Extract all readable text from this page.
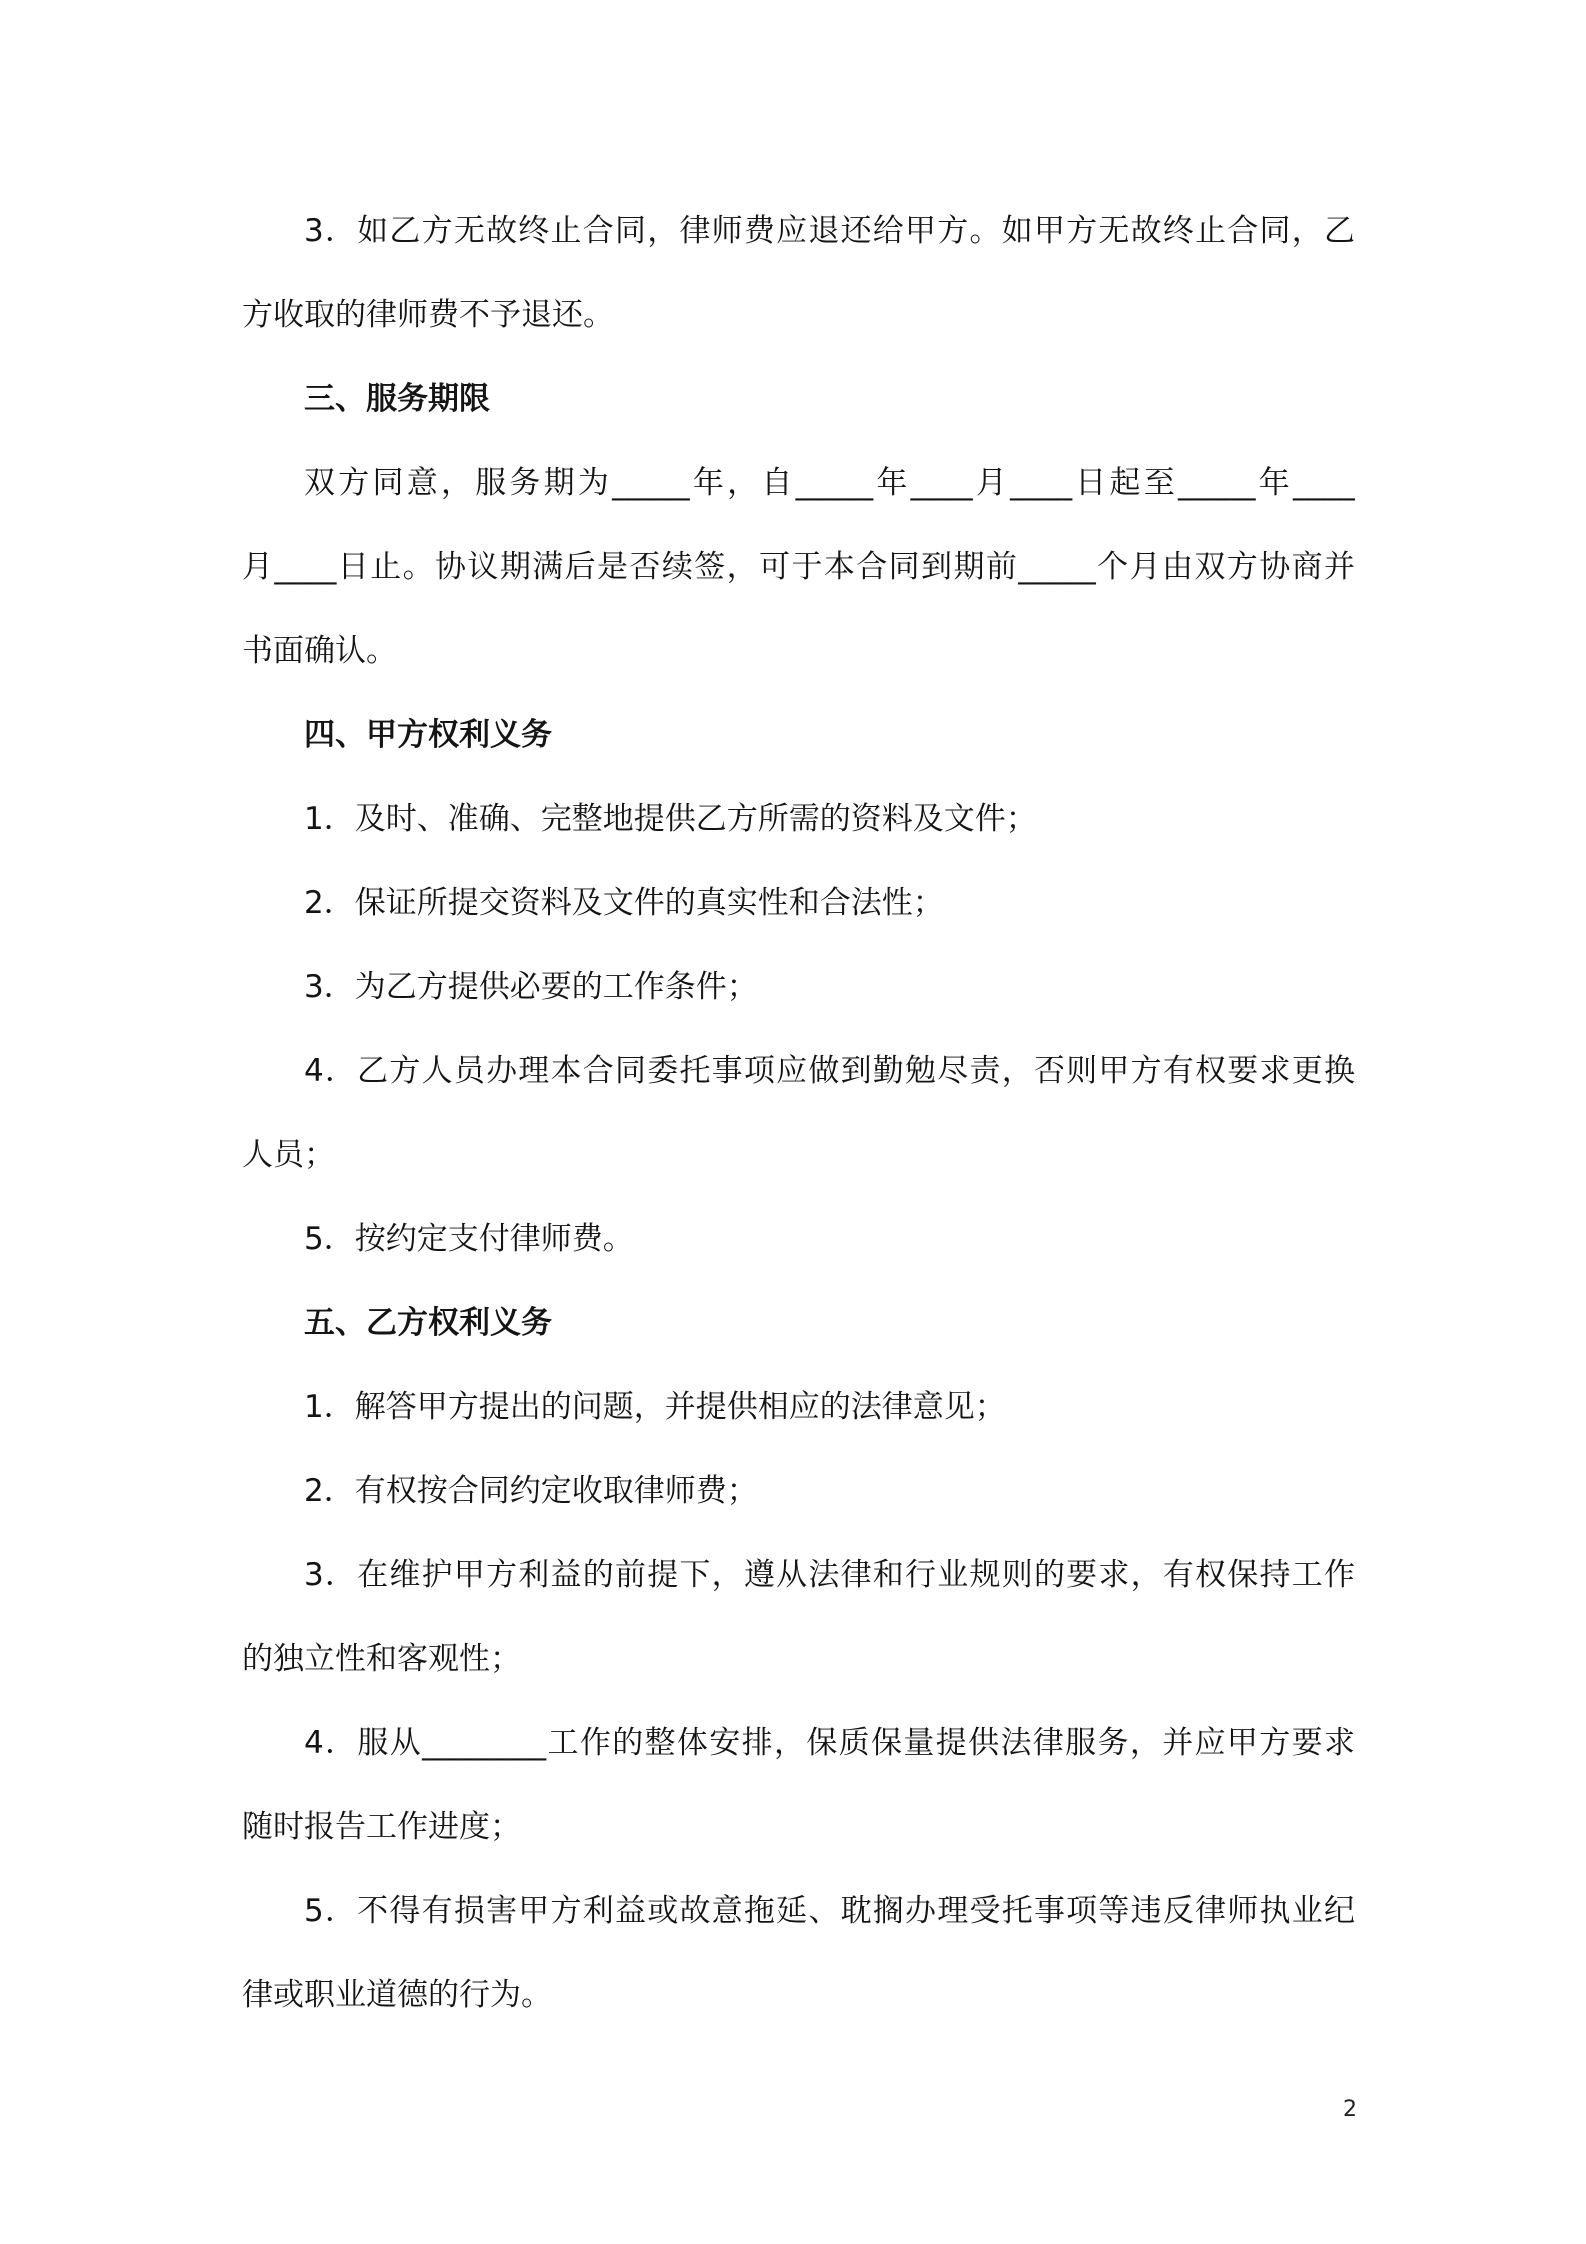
3．如乙方无故终止合同，律师费应退还给甲方。如甲方无故终止合同，乙
方收取的律师费不予退还。
三、服务期限
双方同意，服务期为_____年，自_____年____月____日起至_____年____
月____日止。协议期满后是否续签，可于本合同到期前_____个月由双方协商并
书面确认。
四、甲方权利义务
1．及时、准确、完整地提供乙方所需的资料及文件；
2．保证所提交资料及文件的真实性和合法性；
3．为乙方提供必要的工作条件；
4．乙方人员办理本合同委托事项应做到勤勉尽责，否则甲方有权要求更换
人员；
5．按约定支付律师费。
五、乙方权利义务
1．解答甲方提出的问题，并提供相应的法律意见；
2．有权按合同约定收取律师费；
3．在维护甲方利益的前提下，遵从法律和行业规则的要求，有权保持工作
的独立性和客观性；
4．服从________工作的整体安排，保质保量提供法律服务，并应甲方要求
随时报告工作进度；
5．不得有损害甲方利益或故意拖延、耽搁办理受托事项等违反律师执业纪
律或职业道德的行为。
2
